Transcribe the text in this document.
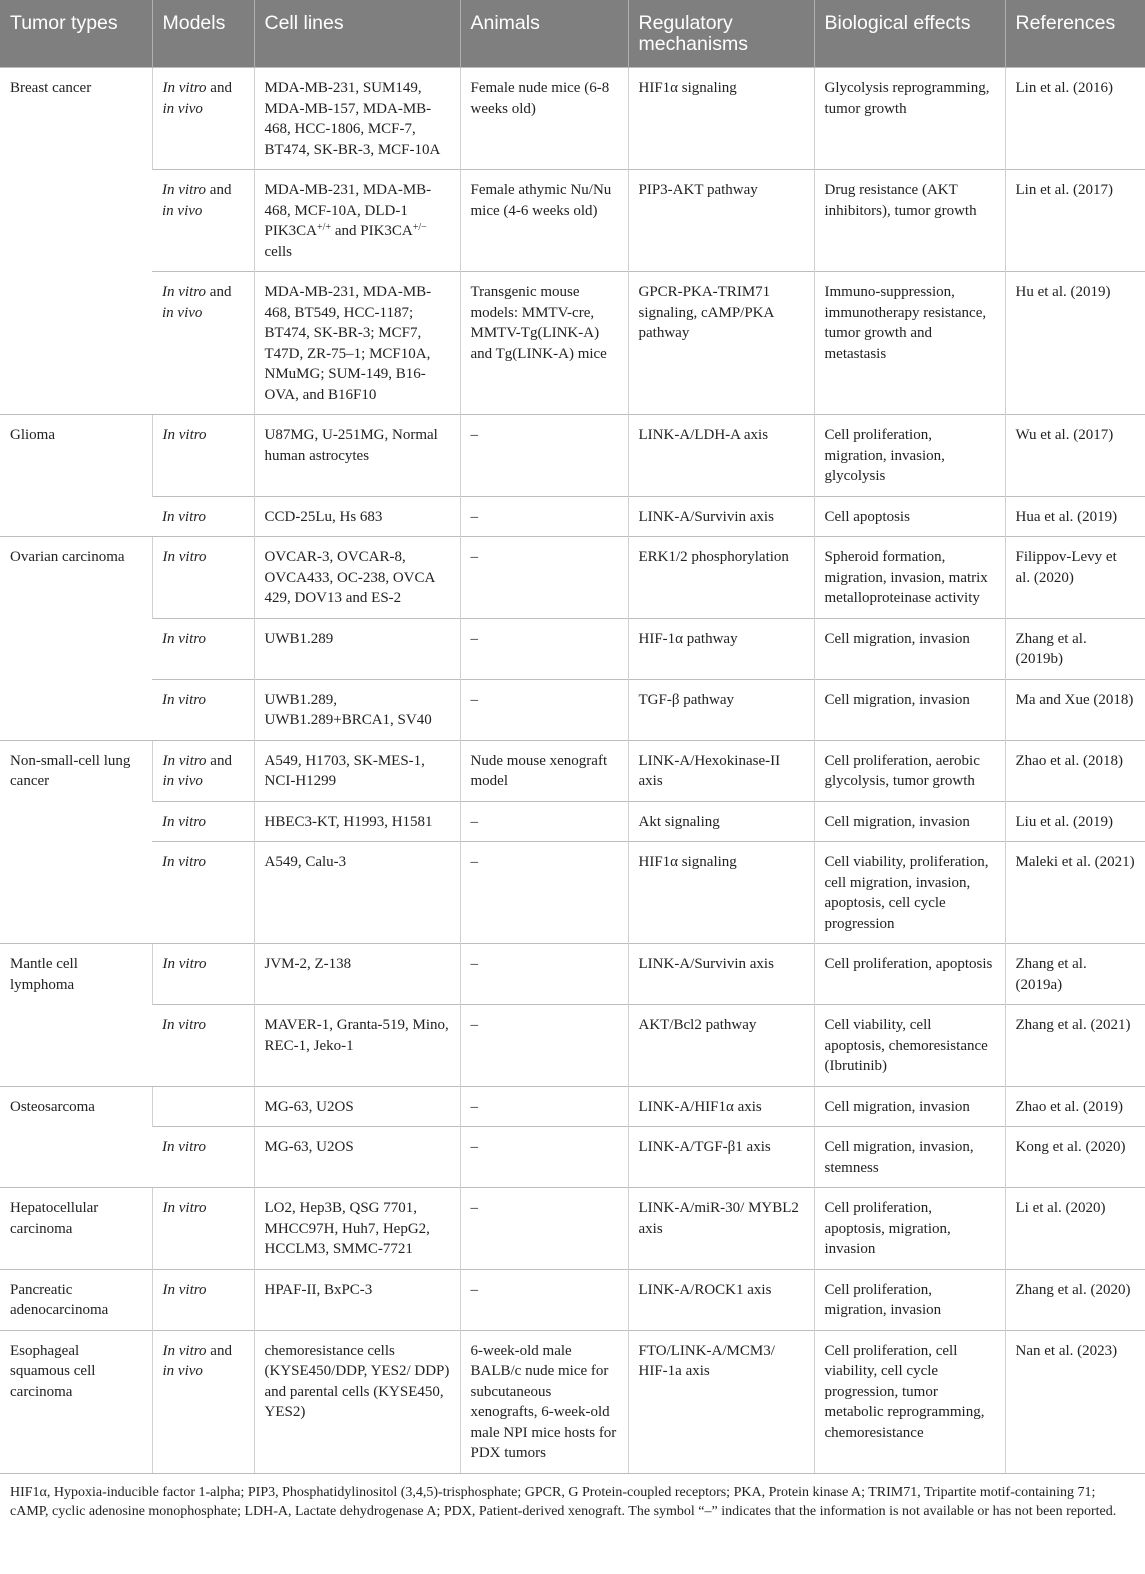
Tumor types	Models	Cell lines	Animals	Regulatory mechanisms	Biological effects	References
Breast cancer	In vitro and in vivo	MDA-MB-231, SUM149, MDA-MB-157, MDA-MB-468, HCC-1806, MCF-7, BT474, SK-BR-3, MCF-10A	Female nude mice (6-8 weeks old)	HIF1α signaling	Glycolysis reprogramming, tumor growth	Lin et al. (2016)
	In vitro and in vivo	MDA-MB-231, MDA-MB-468, MCF-10A, DLD-1 PIK3CA+/+ and PIK3CA+/− cells	Female athymic Nu/Nu mice (4-6 weeks old)	PIP3-AKT pathway	Drug resistance (AKT inhibitors), tumor growth	Lin et al. (2017)
	In vitro and in vivo	MDA-MB-231, MDA-MB-468, BT549, HCC-1187; BT474, SK-BR-3; MCF7, T47D, ZR-75–1; MCF10A, NMuMG; SUM-149, B16-OVA, and B16F10	Transgenic mouse models: MMTV-cre, MMTV-Tg(LINK-A) and Tg(LINK-A) mice	GPCR-PKA-TRIM71 signaling, cAMP/PKA pathway	Immuno-suppression, immunotherapy resistance, tumor growth and metastasis	Hu et al. (2019)
Glioma	In vitro	U87MG, U-251MG, Normal human astrocytes	–	LINK-A/LDH-A axis	Cell proliferation, migration, invasion, glycolysis	Wu et al. (2017)
	In vitro	CCD-25Lu, Hs 683	–	LINK-A/Survivin axis	Cell apoptosis	Hua et al. (2019)
Ovarian carcinoma	In vitro	OVCAR-3, OVCAR-8, OVCA433, OC-238, OVCA 429, DOV13 and ES-2	–	ERK1/2 phosphorylation	Spheroid formation, migration, invasion, matrix metalloproteinase activity	Filippov-Levy et al. (2020)
	In vitro	UWB1.289	–	HIF-1α pathway	Cell migration, invasion	Zhang et al. (2019b)
	In vitro	UWB1.289, UWB1.289+BRCA1, SV40	–	TGF-β pathway	Cell migration, invasion	Ma and Xue (2018)
Non-small-cell lung cancer	In vitro and in vivo	A549, H1703, SK-MES-1, NCI-H1299	Nude mouse xenograft model	LINK-A/Hexokinase-II axis	Cell proliferation, aerobic glycolysis, tumor growth	Zhao et al. (2018)
	In vitro	HBEC3-KT, H1993, H1581	–	Akt signaling	Cell migration, invasion	Liu et al. (2019)
	In vitro	A549, Calu-3	–	HIF1α signaling	Cell viability, proliferation, cell migration, invasion, apoptosis, cell cycle progression	Maleki et al. (2021)
Mantle cell lymphoma	In vitro	JVM-2, Z-138	–	LINK-A/Survivin axis	Cell proliferation, apoptosis	Zhang et al. (2019a)
	In vitro	MAVER-1, Granta-519, Mino, REC-1, Jeko-1	–	AKT/Bcl2 pathway	Cell viability, cell apoptosis, chemoresistance (Ibrutinib)	Zhang et al. (2021)
Osteosarcoma		MG-63, U2OS	–	LINK-A/HIF1α axis	Cell migration, invasion	Zhao et al. (2019)
	In vitro	MG-63, U2OS	–	LINK-A/TGF-β1 axis	Cell migration, invasion, stemness	Kong et al. (2020)
Hepatocellular carcinoma	In vitro	LO2, Hep3B, QSG 7701, MHCC97H, Huh7, HepG2, HCCLM3, SMMC-7721	–	LINK-A/miR-30/ MYBL2 axis	Cell proliferation, apoptosis, migration, invasion	Li et al. (2020)
Pancreatic adenocarcinoma	In vitro	HPAF-II, BxPC-3	–	LINK-A/ROCK1 axis	Cell proliferation, migration, invasion	Zhang et al. (2020)
Esophageal squamous cell carcinoma	In vitro and in vivo	chemoresistance cells (KYSE450/DDP, YES2/ DDP) and parental cells (KYSE450, YES2)	6-week-old male BALB/c nude mice for subcutaneous xenografts, 6-week-old male NPI mice hosts for PDX tumors	FTO/LINK-A/MCM3/ HIF-1a axis	Cell proliferation, cell viability, cell cycle progression, tumor metabolic reprogramming, chemoresistance	Nan et al. (2023)
HIF1α, Hypoxia-inducible factor 1-alpha; PIP3, Phosphatidylinositol (3,4,5)-trisphosphate; GPCR, G Protein-coupled receptors; PKA, Protein kinase A; TRIM71, Tripartite motif-containing 71; cAMP, cyclic adenosine monophosphate; LDH-A, Lactate dehydrogenase A; PDX, Patient-derived xenograft. The symbol “–” indicates that the information is not available or has not been reported.
